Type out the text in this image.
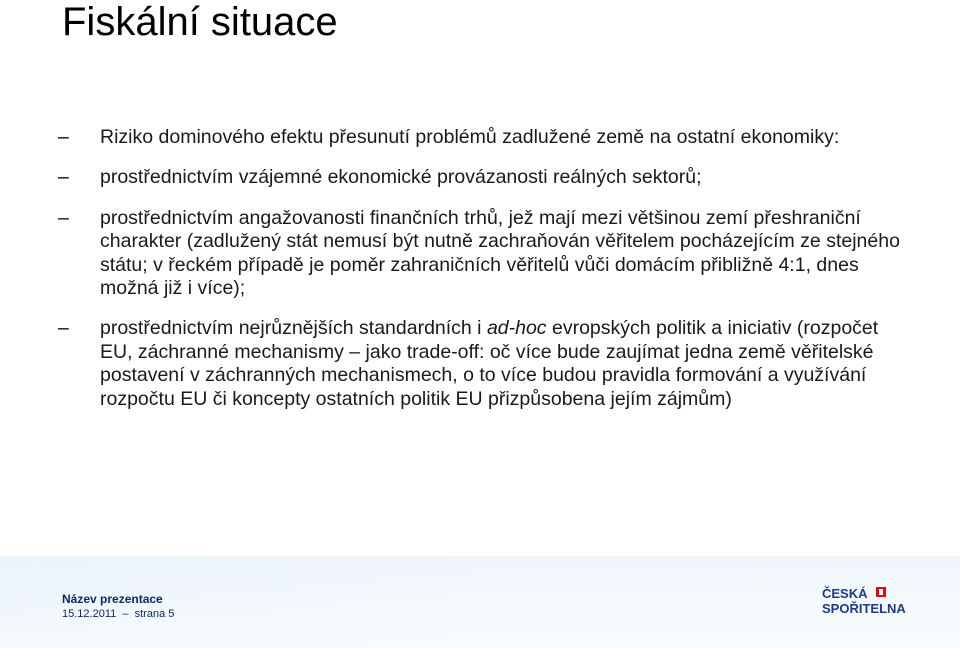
Fiskální situace
– Riziko dominového efektu přesunutí problémů zadlužené země na ostatní ekonomiky:
– prostřednictvím vzájemné ekonomické provázanosti reálných sektorů;
– prostřednictvím angažovanosti finančních trhů, jež mají mezi většinou zemí přeshraniční charakter (zadlužený stát nemusí být nutně zachraňován věřitelem pocházejícím ze stejného státu; v řeckém případě je poměr zahraničních věřitelů vůči domácím přibližně 4:1, dnes možná již i více);
– prostřednictvím nejrůznějších standardních i ad-hoc evropských politik a iniciativ (rozpočet EU, záchranné mechanismy – jako trade-off: oč více bude zaujímat jedna země věřitelské postavení v záchranných mechanismech, o to více budou pravidla formování a využívání rozpočtu EU či koncepty ostatních politik EU přizpůsobena jejím zájmům)
Název prezentace
15.12.2011  –  strana 5
ČESKÁ
SPOŘITELNA
